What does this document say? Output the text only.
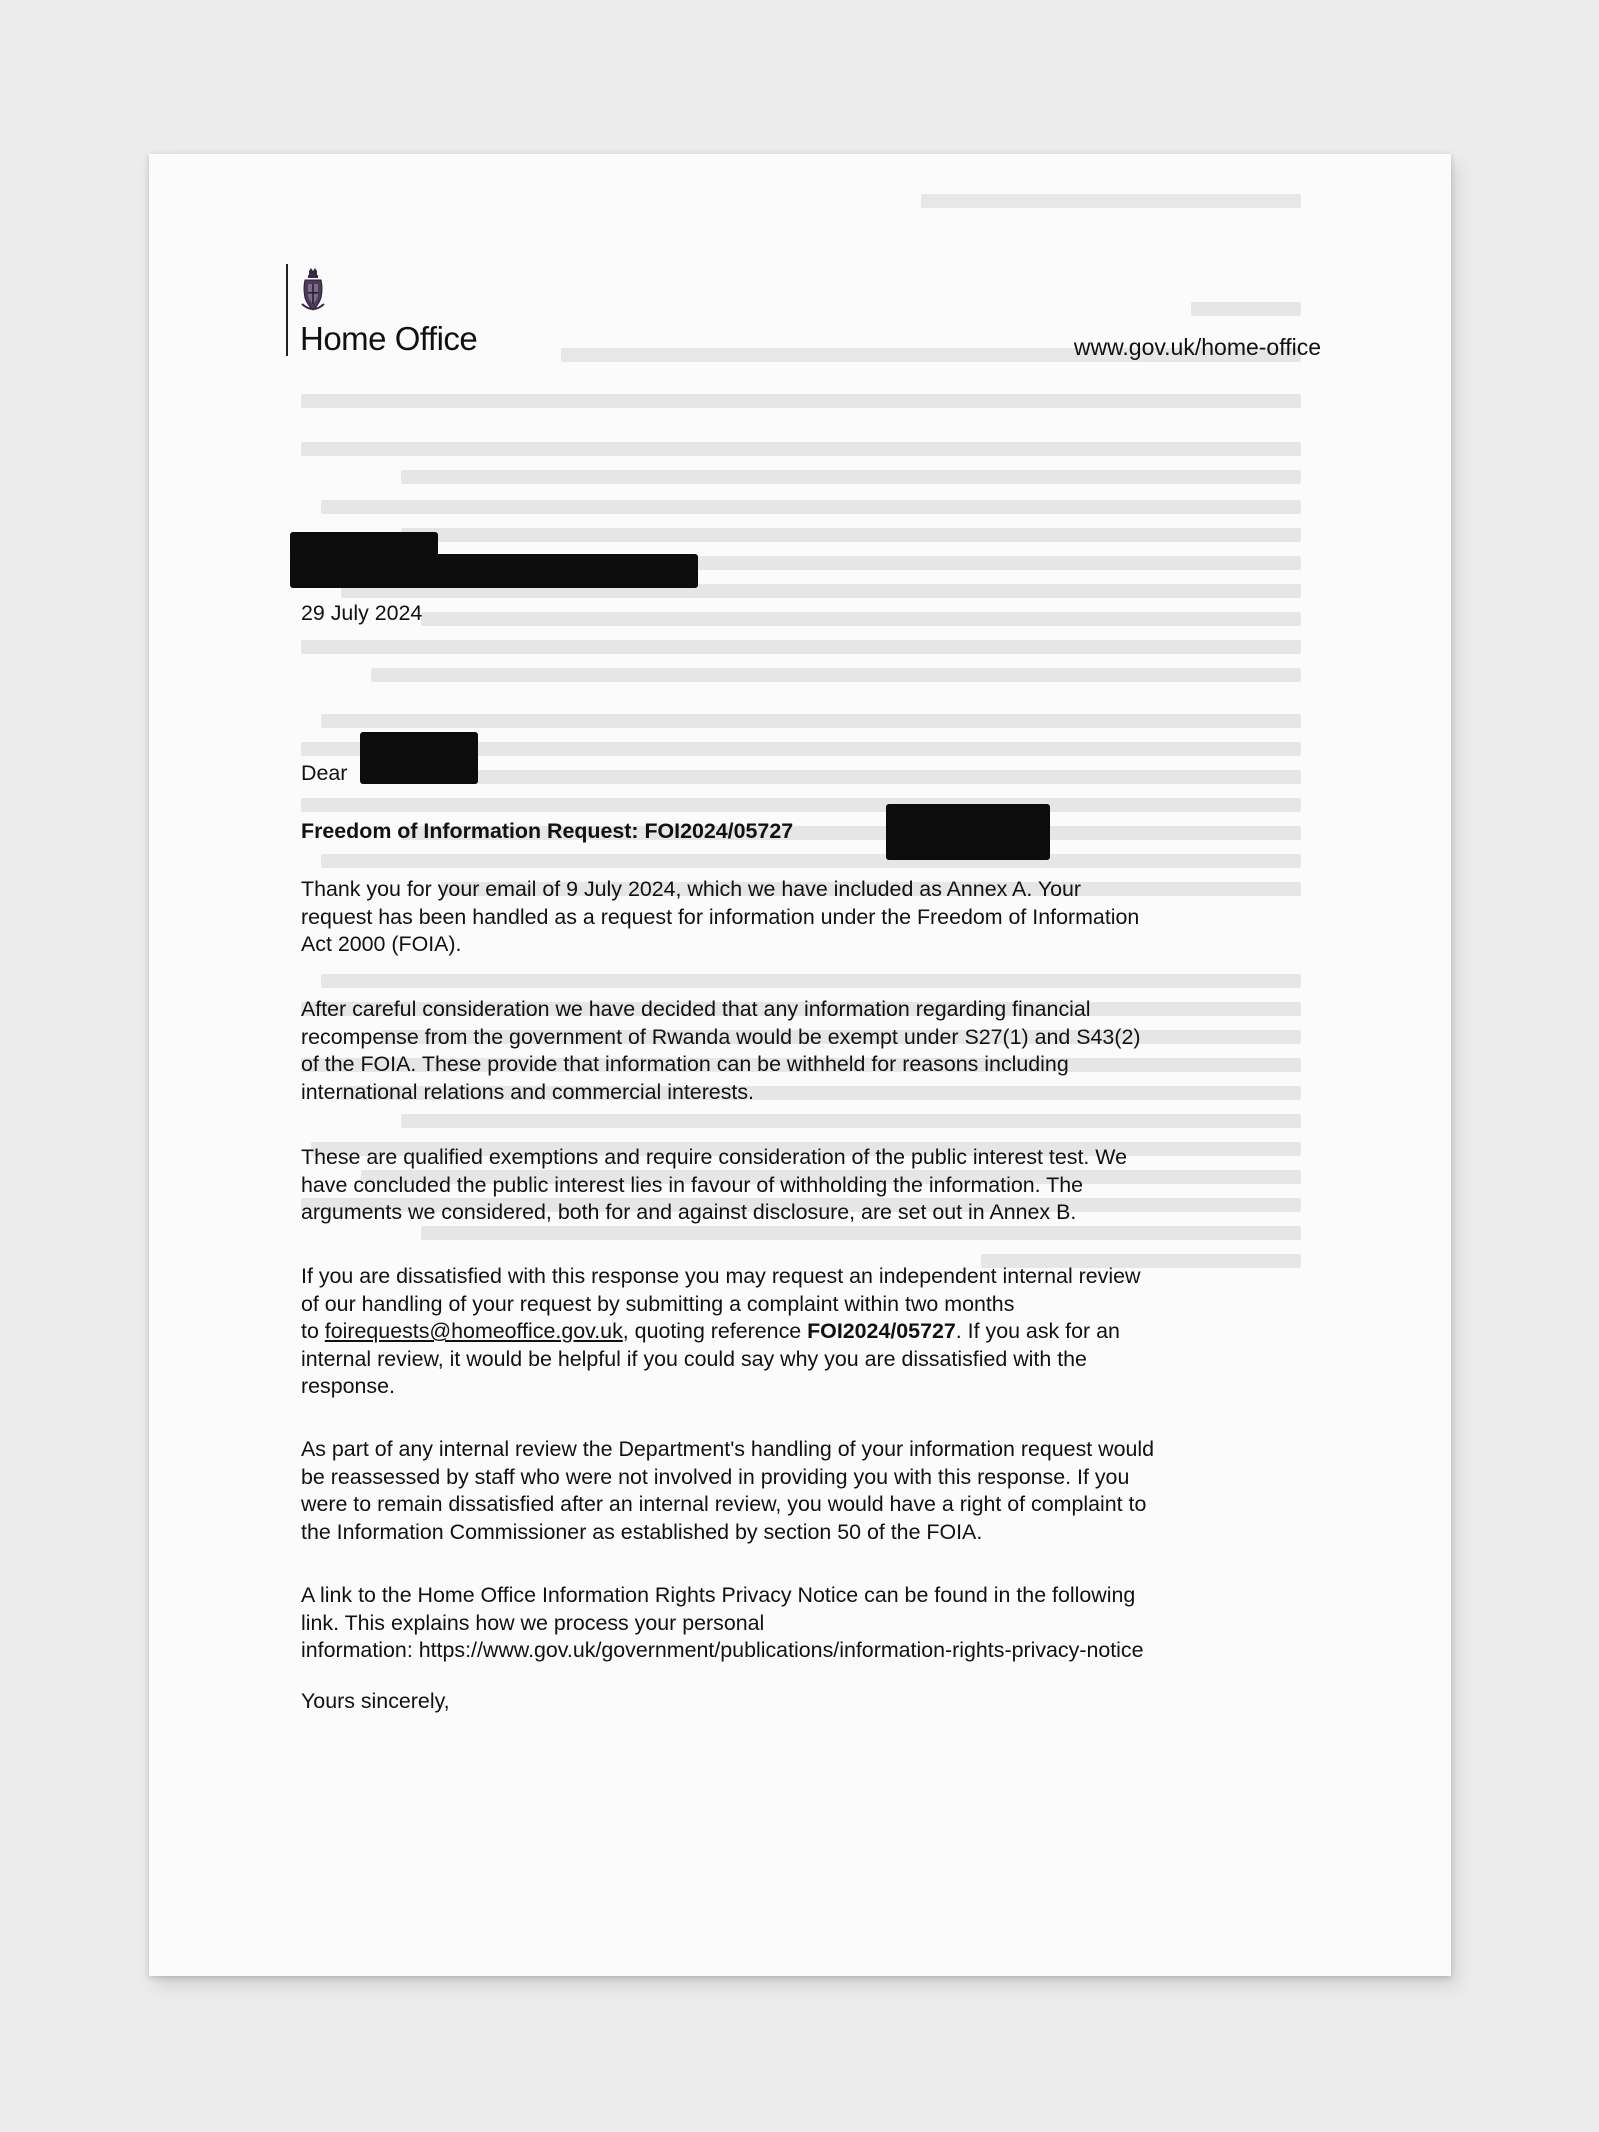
Home Office	www.gov.uk/home-office
29 July 2024
Dear
Freedom of Information Request: FOI2024/05727
Thank you for your email of 9 July 2024, which we have included as Annex A. Your
request has been handled as a request for information under the Freedom of Information
Act 2000 (FOIA).
After careful consideration we have decided that any information regarding financial
recompense from the government of Rwanda would be exempt under S27(1) and S43(2)
of the FOIA. These provide that information can be withheld for reasons including
international relations and commercial interests.
These are qualified exemptions and require consideration of the public interest test. We
have concluded the public interest lies in favour of withholding the information. The
arguments we considered, both for and against disclosure, are set out in Annex B.
If you are dissatisfied with this response you may request an independent internal review
of our handling of your request by submitting a complaint within two months
to foirequests@homeoffice.gov.uk, quoting reference FOI2024/05727. If you ask for an
internal review, it would be helpful if you could say why you are dissatisfied with the
response.
As part of any internal review the Department's handling of your information request would
be reassessed by staff who were not involved in providing you with this response. If you
were to remain dissatisfied after an internal review, you would have a right of complaint to
the Information Commissioner as established by section 50 of the FOIA.
A link to the Home Office Information Rights Privacy Notice can be found in the following
link. This explains how we process your personal
information: https://www.gov.uk/government/publications/information-rights-privacy-notice
Yours sincerely,
